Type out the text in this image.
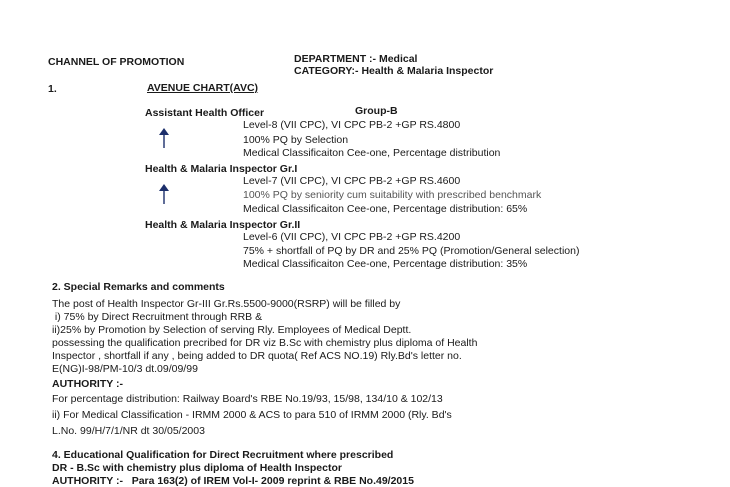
CHANNEL OF PROMOTION	DEPARTMENT :- Medical
CATEGORY:- Health & Malaria Inspector
1.	AVENUE CHART(AVC)
Assistant Health Officer	Group-B
Level-8 (VII CPC), VI CPC PB-2 +GP RS.4800
100% PQ by Selection
Medical Classificaiton Cee-one, Percentage distribution
Health & Malaria Inspector Gr.I
Level-7 (VII CPC), VI CPC PB-2 +GP RS.4600
100% PQ by seniority cum suitability with prescribed benchmark
Medical Classificaiton Cee-one, Percentage distribution: 65%
Health & Malaria Inspector Gr.II
Level-6 (VII CPC), VI CPC PB-2 +GP RS.4200
75% + shortfall of PQ by DR and 25% PQ (Promotion/General selection)
Medical Classificaiton Cee-one, Percentage distribution: 35%
2. Special Remarks and comments
The post of Health Inspector Gr-III Gr.Rs.5500-9000(RSRP) will be filled by
i) 75% by Direct Recruitment through RRB &
ii)25% by Promotion by Selection of serving Rly. Employees of Medical Deptt.
possessing the qualification precribed for DR viz B.Sc with chemistry plus diploma of Health
Inspector , shortfall if any , being added to DR quota( Ref ACS NO.19) Rly.Bd's letter no.
E(NG)I-98/PM-10/3 dt.09/09/99
AUTHORITY :-
For percentage distribution: Railway Board's RBE No.19/93, 15/98, 134/10 & 102/13
ii) For Medical Classification - IRMM 2000 & ACS to para 510 of IRMM 2000 (Rly. Bd's
L.No. 99/H/7/1/NR dt 30/05/2003
4. Educational Qualification for Direct Recruitment where prescribed
DR - B.Sc with chemistry plus diploma of Health Inspector
AUTHORITY :-   Para 163(2) of IREM Vol-I- 2009 reprint & RBE No.49/2015
